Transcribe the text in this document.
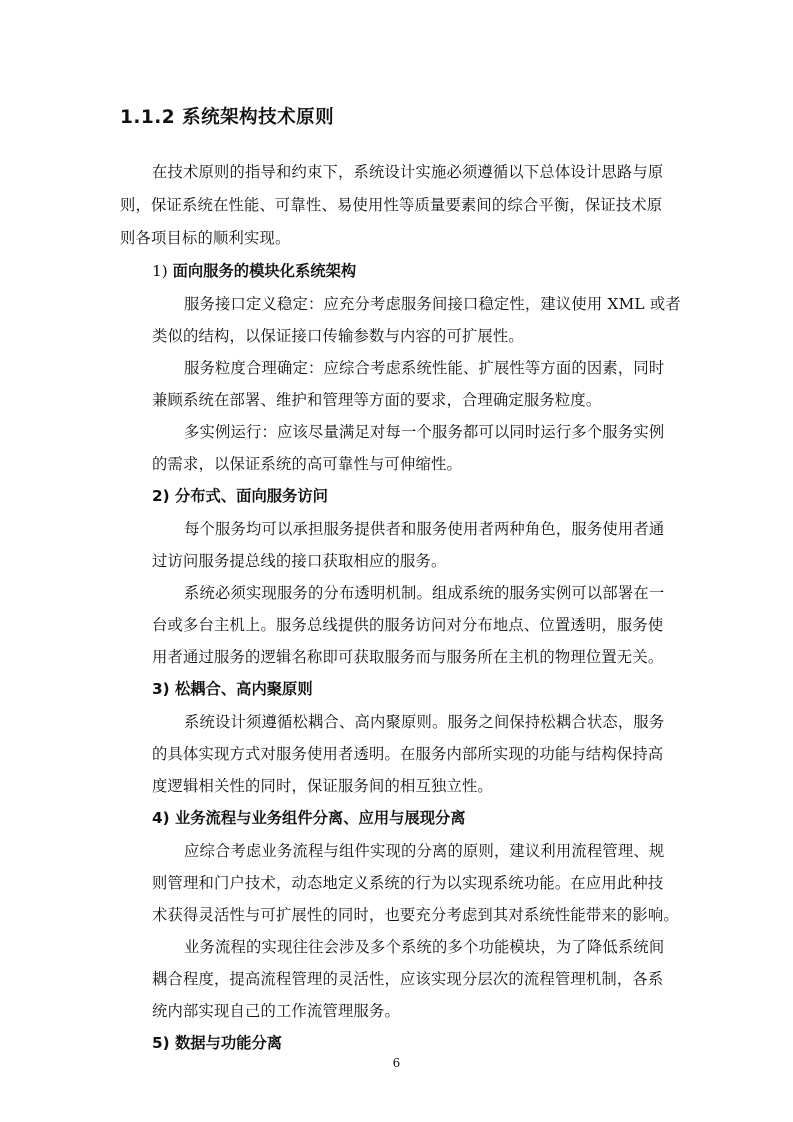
1.1.2 系统架构技术原则
在技术原则的指导和约束下，系统设计实施必须遵循以下总体设计思路与原
则，保证系统在性能、可靠性、易使用性等质量要素间的综合平衡，保证技术原
则各项目标的顺利实现。
1) 面向服务的模块化系统架构
服务接口定义稳定：应充分考虑服务间接口稳定性，建议使用 XML 或者
类似的结构，以保证接口传输参数与内容的可扩展性。
服务粒度合理确定：应综合考虑系统性能、扩展性等方面的因素，同时
兼顾系统在部署、维护和管理等方面的要求，合理确定服务粒度。
多实例运行：应该尽量满足对每一个服务都可以同时运行多个服务实例
的需求，以保证系统的高可靠性与可伸缩性。
2) 分布式、面向服务访问
每个服务均可以承担服务提供者和服务使用者两种角色，服务使用者通
过访问服务提总线的接口获取相应的服务。
系统必须实现服务的分布透明机制。组成系统的服务实例可以部署在一
台或多台主机上。服务总线提供的服务访问对分布地点、位置透明，服务使
用者通过服务的逻辑名称即可获取服务而与服务所在主机的物理位置无关。
3) 松耦合、高内聚原则
系统设计须遵循松耦合、高内聚原则。服务之间保持松耦合状态，服务
的具体实现方式对服务使用者透明。在服务内部所实现的功能与结构保持高
度逻辑相关性的同时，保证服务间的相互独立性。
4) 业务流程与业务组件分离、应用与展现分离
应综合考虑业务流程与组件实现的分离的原则，建议利用流程管理、规
则管理和门户技术，动态地定义系统的行为以实现系统功能。在应用此种技
术获得灵活性与可扩展性的同时，也要充分考虑到其对系统性能带来的影响。
业务流程的实现往往会涉及多个系统的多个功能模块，为了降低系统间
耦合程度，提高流程管理的灵活性，应该实现分层次的流程管理机制，各系
统内部实现自己的工作流管理服务。
5) 数据与功能分离
6
